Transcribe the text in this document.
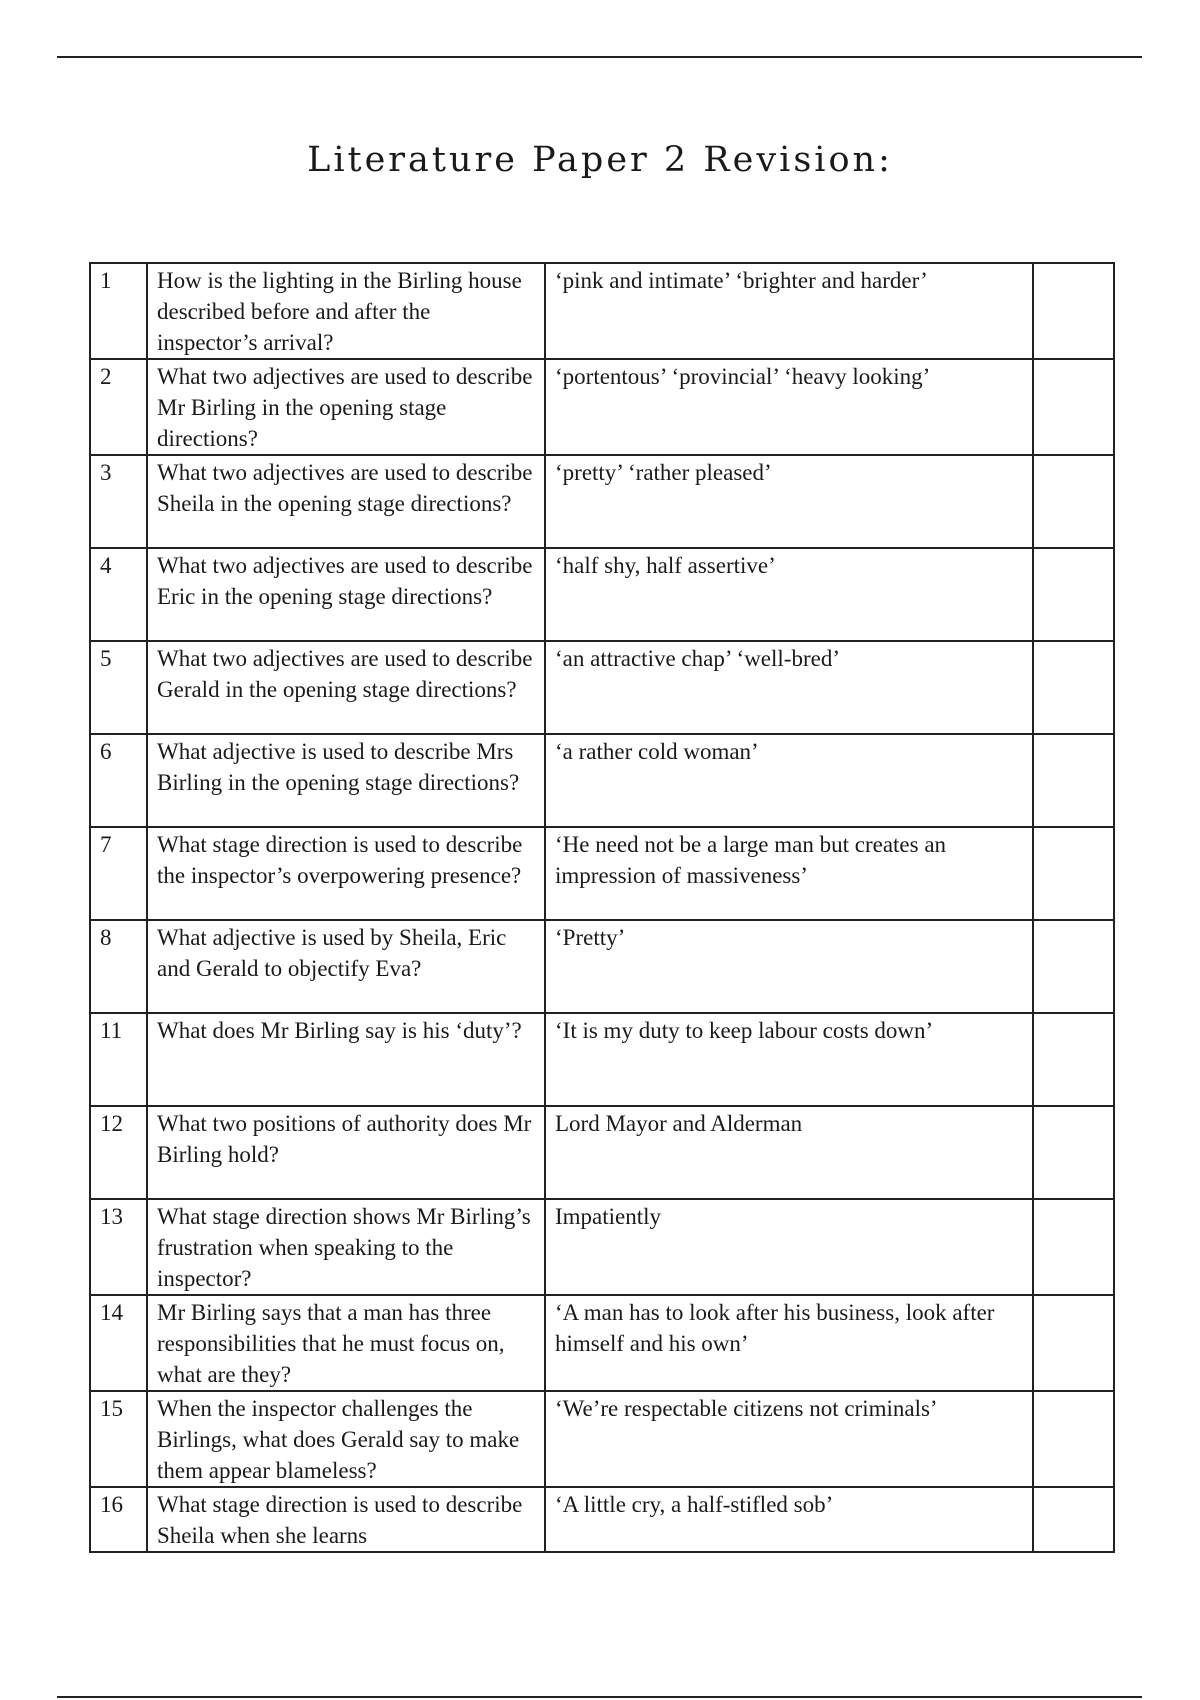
Literature Paper 2 Revision:
1	How is the lighting in the Birling house described before and after the inspector’s arrival?	‘pink and intimate’ ‘brighter and harder’	
2	What two adjectives are used to describe Mr Birling in the opening stage directions?	‘portentous’ ‘provincial’ ‘heavy looking’	
3	What two adjectives are used to describe Sheila in the opening stage directions?	‘pretty’ ‘rather pleased’	
4	What two adjectives are used to describe Eric in the opening stage directions?	‘half shy, half assertive’	
5	What two adjectives are used to describe Gerald in the opening stage directions?	‘an attractive chap’ ‘well-bred’	
6	What adjective is used to describe Mrs Birling in the opening stage directions?	‘a rather cold woman’	
7	What stage direction is used to describe the inspector’s overpowering presence?	‘He need not be a large man but creates an impression of massiveness’	
8	What adjective is used by Sheila, Eric and Gerald to objectify Eva?	‘Pretty’	
11	What does Mr Birling say is his ‘duty’?	‘It is my duty to keep labour costs down’	
12	What two positions of authority does Mr Birling hold?	Lord Mayor and Alderman	
13	What stage direction shows Mr Birling’s frustration when speaking to the inspector?	Impatiently	
14	Mr Birling says that a man has three responsibilities that he must focus on, what are they?	‘A man has to look after his business, look after himself and his own’	
15	When the inspector challenges the Birlings, what does Gerald say to make them appear blameless?	‘We’re respectable citizens not criminals’	
16	What stage direction is used to describe Sheila when she learns	‘A little cry, a half-stifled sob’	
